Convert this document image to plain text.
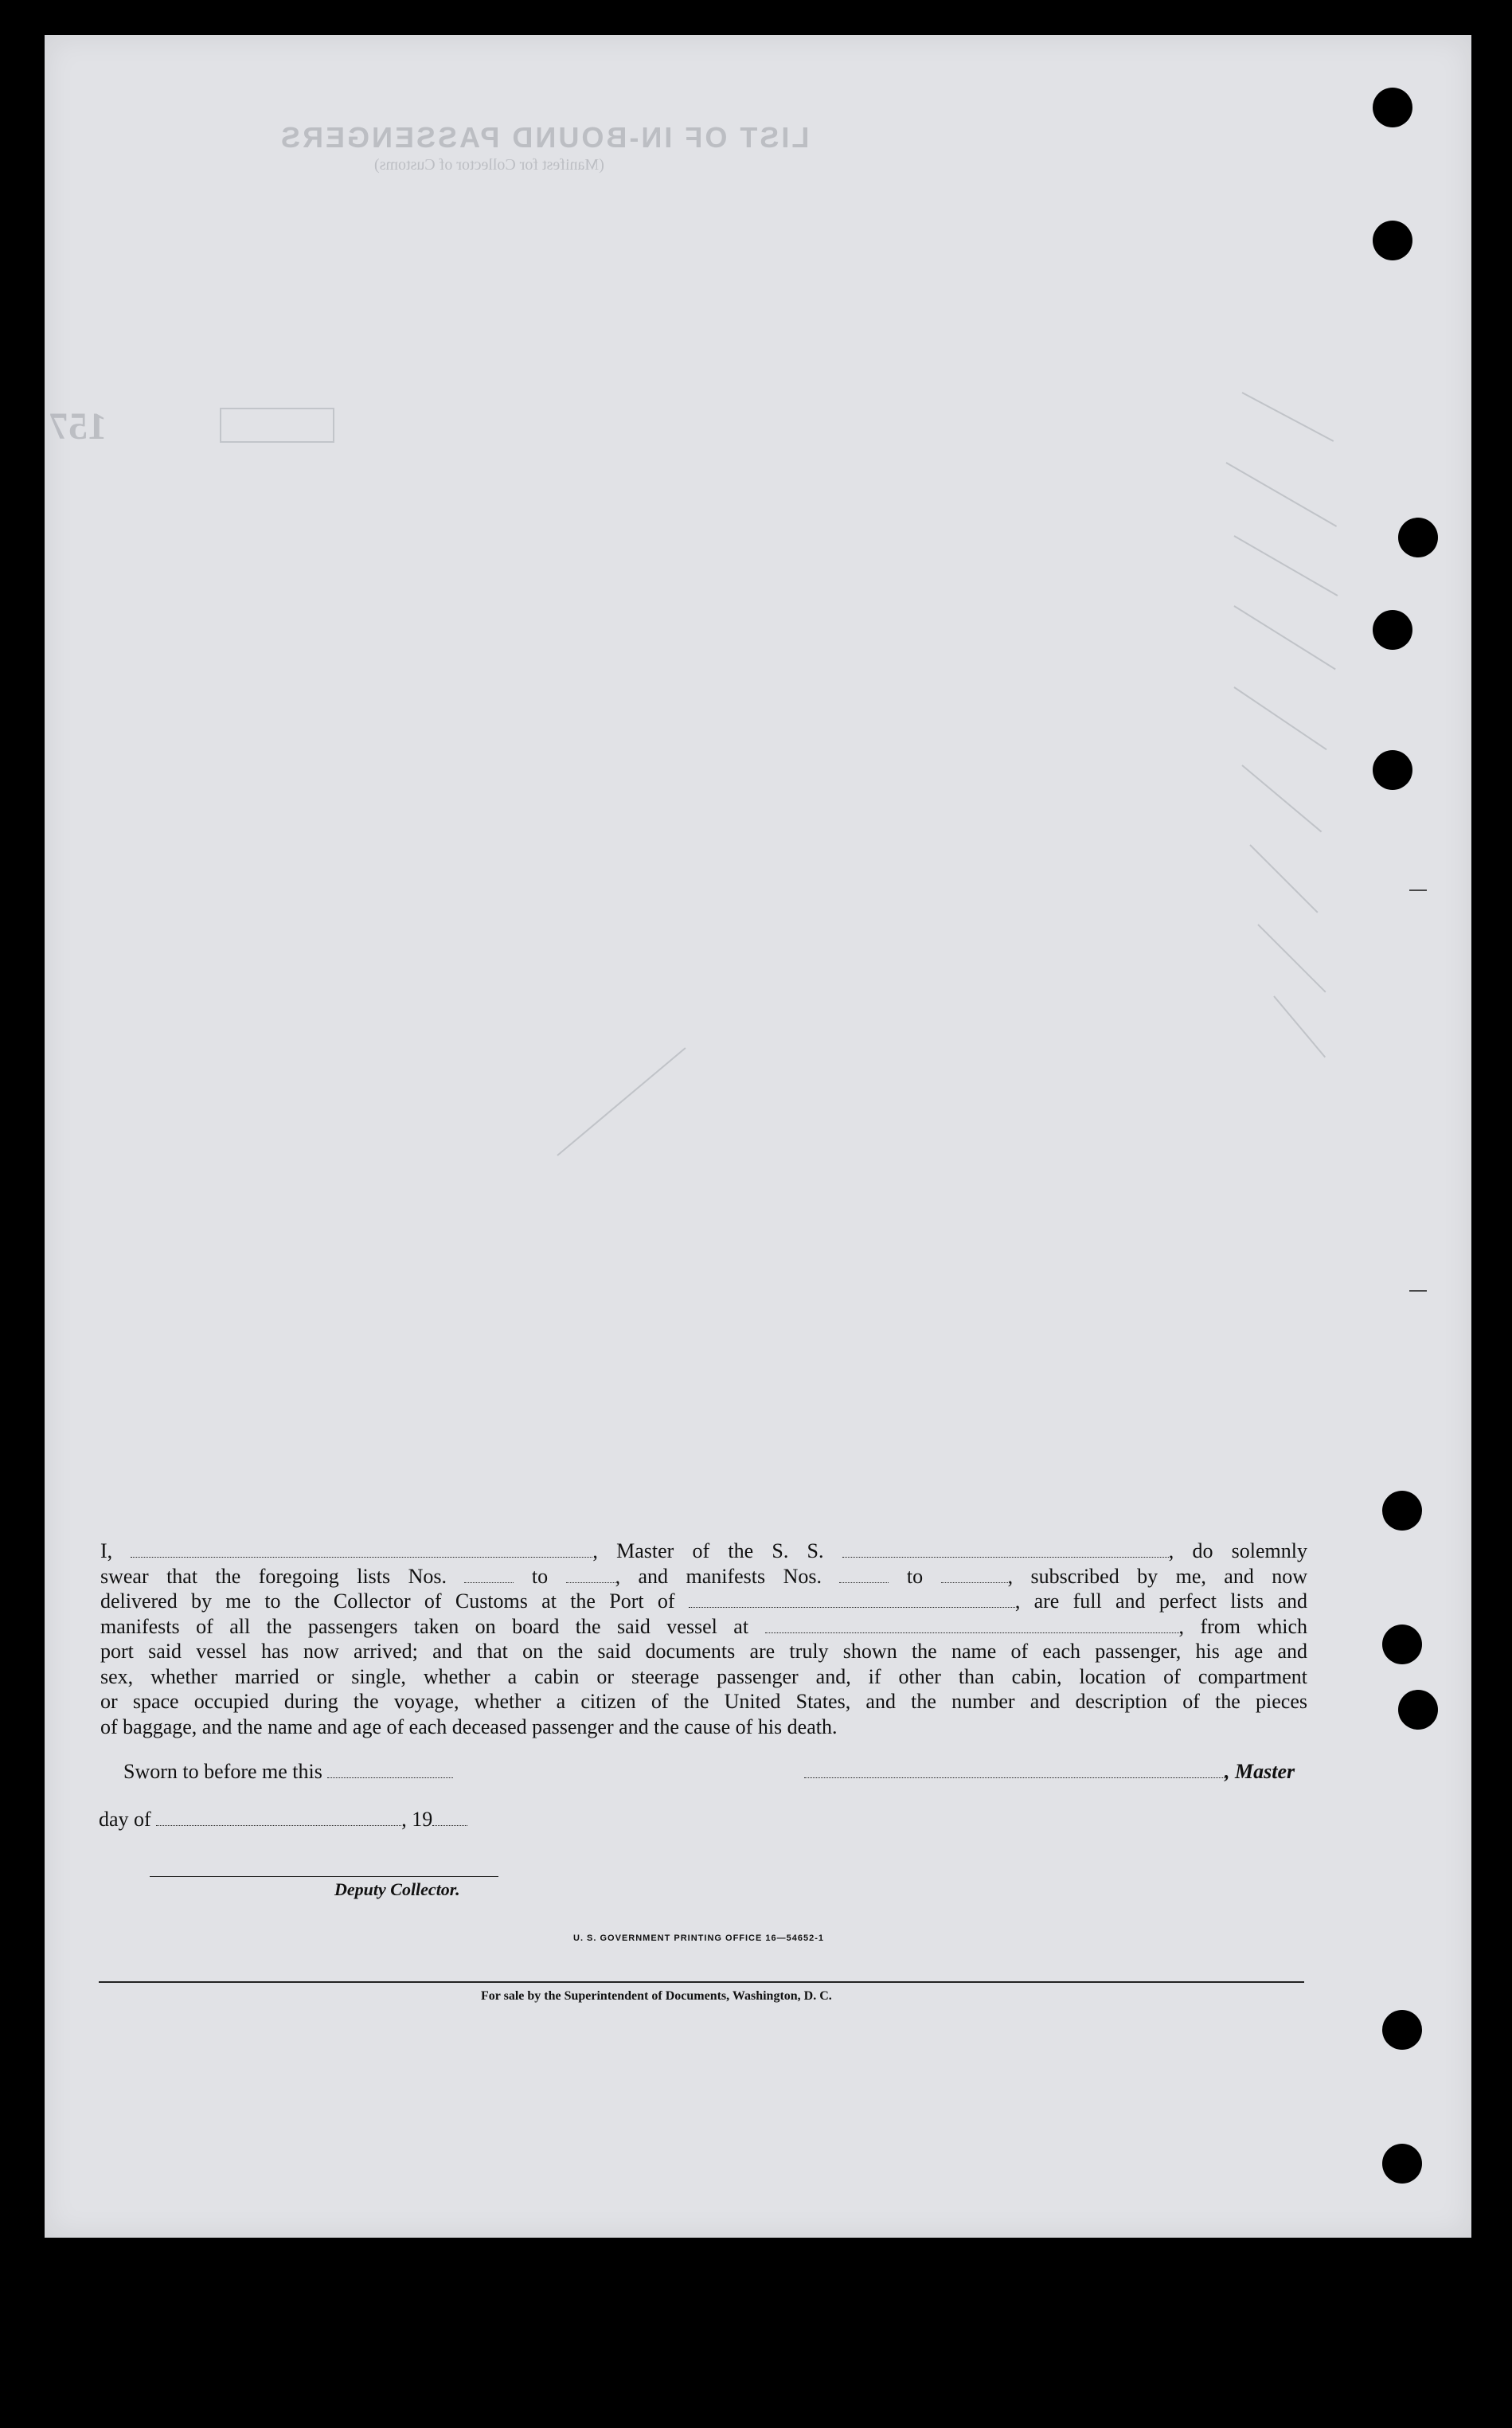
LIST OF IN-BOUND PASSENGERS
(Manifest for Collector of Customs)
157

I,	, Master of the S. S.	, do solemnly

swear that the foregoing lists Nos.	to	, and manifests Nos.	to	, subscribed by me, and now

delivered by me to the Collector of Customs at the Port of	, are full and perfect lists and

manifests of all the passengers taken on board the said vessel at	, from which

port said vessel has now arrived; and that on the said documents are truly shown the name of each passenger, his age and

sex, whether married or single, whether a cabin or steerage passenger and, if other than cabin, location of compartment

or space occupied during the voyage, whether a citizen of the United States, and the number and description of the pieces

of baggage, and the name and age of each deceased passenger and the cause of his death.

Sworn to before me this	, Master
day of	, 19
Deputy Collector.
U. S. GOVERNMENT PRINTING OFFICE 16—54652-1
For sale by the Superintendent of Documents, Washington, D. C.
